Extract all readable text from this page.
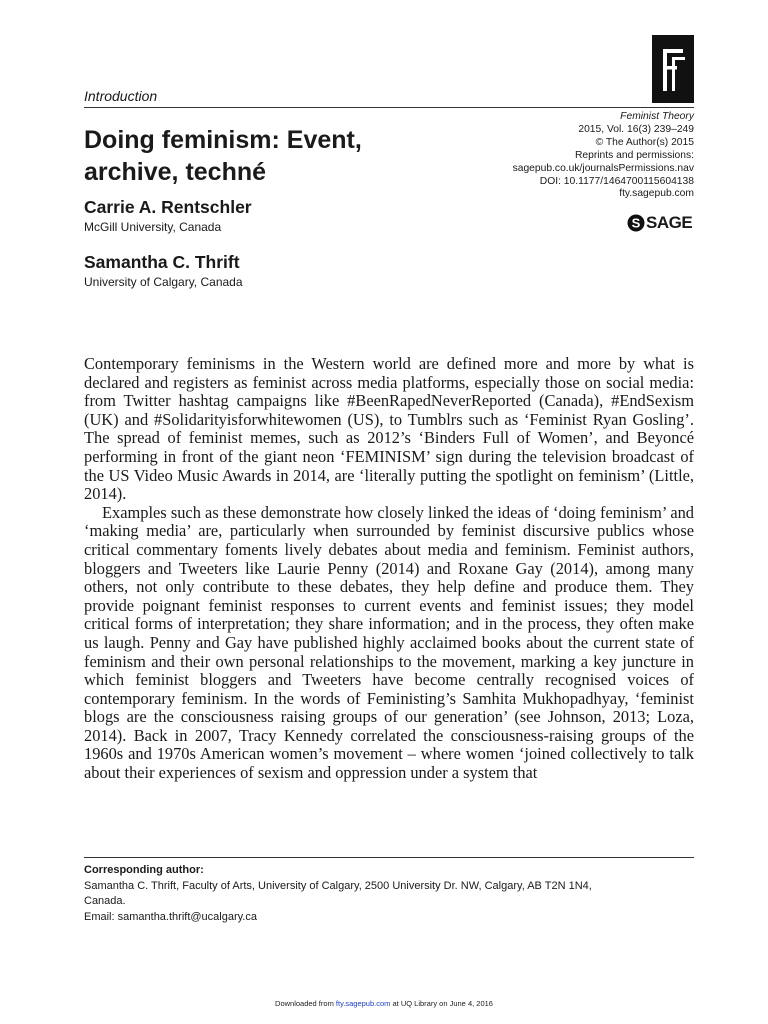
Introduction
Feminist Theory
2015, Vol. 16(3) 239–249
© The Author(s) 2015
Reprints and permissions:
sagepub.co.uk/journalsPermissions.nav
DOI: 10.1177/1464700115604138
fty.sagepub.com
S SAGE
Doing feminism: Event, archive, techné
Carrie A. Rentschler
McGill University, Canada
Samantha C. Thrift
University of Calgary, Canada

Contemporary feminisms in the Western world are defined more and more by what is declared and registers as feminist across media platforms, especially those on social media: from Twitter hashtag campaigns like #BeenRapedNeverReported (Canada), #EndSexism (UK) and #Solidarityisforwhitewomen (US), to Tumblrs such as ‘Feminist Ryan Gosling’. The spread of feminist memes, such as 2012’s ‘Binders Full of Women’, and Beyoncé performing in front of the giant neon ‘FEMINISM’ sign during the television broadcast of the US Video Music Awards in 2014, are ‘literally putting the spotlight on feminism’ (Little, 2014).

Examples such as these demonstrate how closely linked the ideas of ‘doing feminism’ and ‘making media’ are, particularly when surrounded by feminist discursive publics whose critical commentary foments lively debates about media and feminism. Feminist authors, bloggers and Tweeters like Laurie Penny (2014) and Roxane Gay (2014), among many others, not only contribute to these debates, they help define and produce them. They provide poignant feminist responses to current events and feminist issues; they model critical forms of interpretation; they share information; and in the process, they often make us laugh. Penny and Gay have published highly acclaimed books about the current state of feminism and their own personal relationships to the movement, marking a key juncture in which feminist bloggers and Tweeters have become centrally recognised voices of contemporary feminism. In the words of Feministing’s Samhita Mukhopadhyay, ‘feminist blogs are the consciousness raising groups of our generation’ (see Johnson, 2013; Loza, 2014). Back in 2007, Tracy Kennedy correlated the consciousness-raising groups of the 1960s and 1970s American women’s movement – where women ‘joined collectively to talk about their experiences of sexism and oppression under a system that

Corresponding author:
Samantha C. Thrift, Faculty of Arts, University of Calgary, 2500 University Dr. NW, Calgary, AB T2N 1N4,
Canada.
Email: samantha.thrift@ucalgary.ca
Downloaded from fty.sagepub.com at UQ Library on June 4, 2016
